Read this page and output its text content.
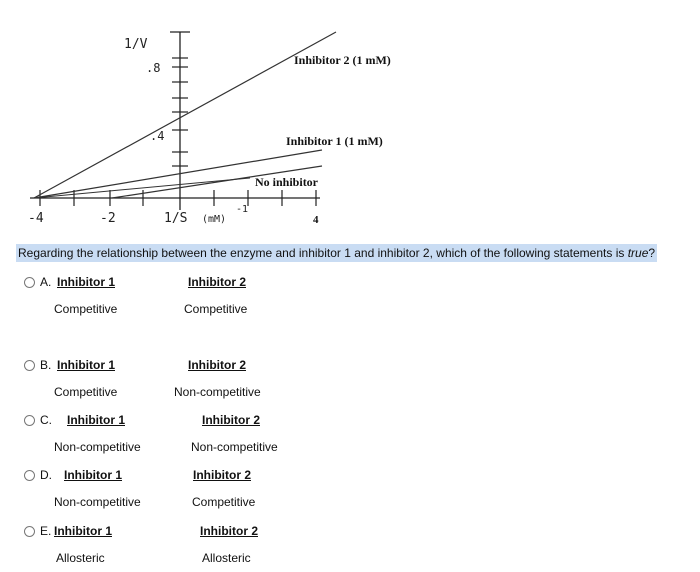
1/V
.8
.4
-4	-2	1/S (mM)
-1
4
Inhibitor 2 (1 mM)
Inhibitor 1 (1 mM)
No inhibitor
Regarding the relationship between the enzyme and inhibitor 1 and inhibitor 2, which of the following statements is true?
A. Inhibitor 1	Inhibitor 2
Competitive	Competitive
B. Inhibitor 1	Inhibitor 2
Competitive	Non-competitive
C. Inhibitor 1	Inhibitor 2
Non-competitive	Non-competitive
D. Inhibitor 1	Inhibitor 2
Non-competitive	Competitive
E. Inhibitor 1	Inhibitor 2
Allosteric	Allosteric
